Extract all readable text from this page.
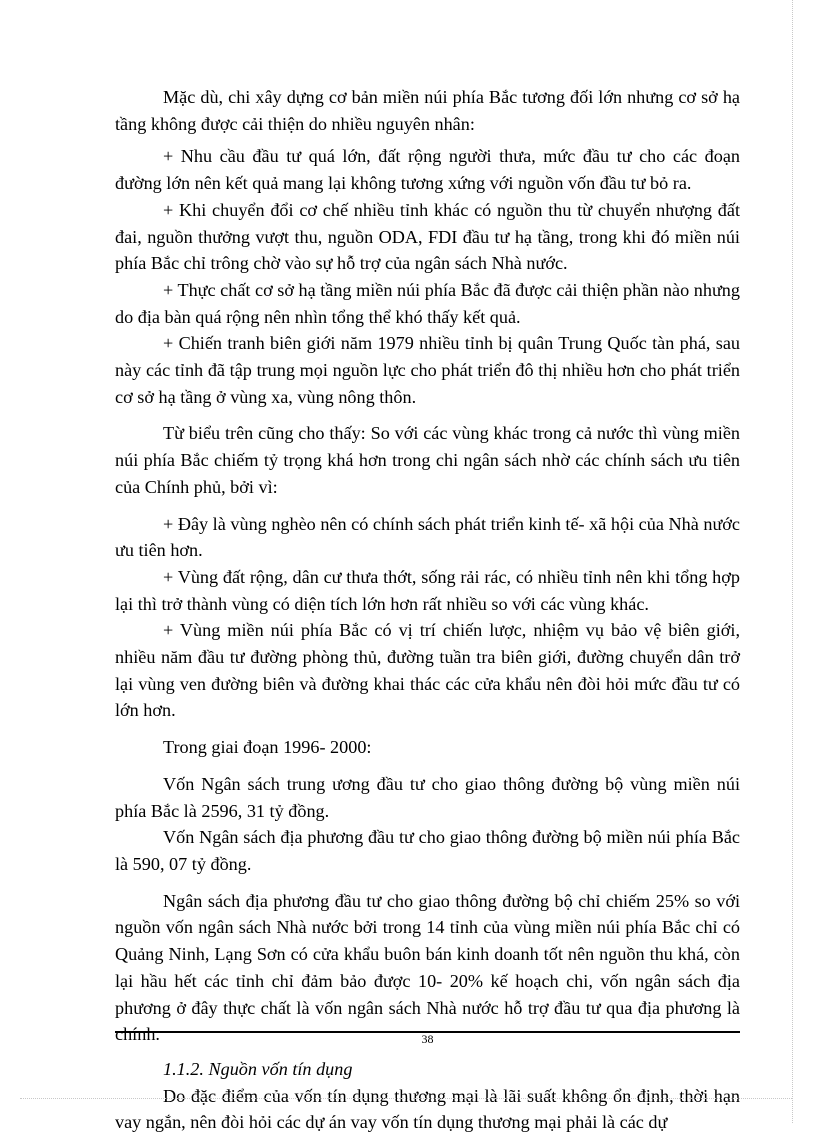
Mặc dù, chi xây dựng cơ bản miền núi phía Bắc tương đối lớn nhưng cơ sở hạ tầng không được cải thiện do nhiều nguyên nhân:

+ Nhu cầu đầu tư quá lớn, đất rộng người thưa, mức đầu tư cho các đoạn đường lớn nên kết quả mang lại không tương xứng với nguồn vốn đầu tư bỏ ra.

+ Khi chuyển đổi cơ chế nhiều tỉnh khác có nguồn thu từ chuyển nhượng đất đai, nguồn thưởng vượt thu, nguồn ODA, FDI đầu tư hạ tầng, trong khi đó miền núi phía Bắc chỉ trông chờ vào sự hỗ trợ của ngân sách Nhà nước.

+ Thực chất cơ sở hạ tầng miền núi phía Bắc đã được cải thiện phần nào nhưng do địa bàn quá rộng nên nhìn tổng thể khó thấy kết quả.

+ Chiến tranh biên giới năm 1979 nhiều tỉnh bị quân Trung Quốc tàn phá, sau này các tỉnh đã tập trung mọi nguồn lực cho phát triển đô thị nhiều hơn cho phát triển cơ sở hạ tầng ở vùng xa, vùng nông thôn.

Từ biểu trên cũng cho thấy: So với các vùng khác trong cả nước thì vùng miền núi phía Bắc chiếm tỷ trọng khá hơn trong chi ngân sách nhờ các chính sách ưu tiên của Chính phủ, bởi vì:

+ Đây là vùng nghèo nên có chính sách phát triển kinh tế- xã hội của Nhà nước ưu tiên hơn.

+ Vùng đất rộng, dân cư thưa thớt, sống rải rác, có nhiều tỉnh nên khi tổng hợp lại thì trở thành vùng có diện tích lớn hơn rất nhiều so với các vùng khác.

+ Vùng miền núi phía Bắc có vị trí chiến lược, nhiệm vụ bảo vệ biên giới, nhiều năm đầu tư đường phòng thủ, đường tuần tra biên giới, đường chuyển dân trở lại vùng ven đường biên và đường khai thác các cửa khẩu nên đòi hỏi mức đầu tư có lớn hơn.

Trong giai đoạn 1996- 2000:

Vốn Ngân sách trung ương đầu tư cho giao thông đường bộ vùng miền núi phía Bắc là 2596, 31 tỷ đồng.

Vốn Ngân sách địa phương đầu tư cho giao thông đường bộ miền núi phía Bắc là 590, 07 tỷ đồng.

Ngân sách địa phương đầu tư cho giao thông đường bộ chỉ chiếm 25% so với nguồn vốn ngân sách Nhà nước bởi trong 14 tỉnh của vùng miền núi phía Bắc chỉ có Quảng Ninh, Lạng Sơn có cửa khẩu buôn bán kinh doanh tốt nên nguồn thu khá, còn lại hầu hết các tỉnh chỉ đảm bảo được 10- 20% kế hoạch chi, vốn ngân sách địa phương ở đây thực chất là vốn ngân sách Nhà nước hỗ trợ đầu tư qua địa phương là chính.

1.1.2. Nguồn vốn tín dụng

Do đặc điểm của vốn tín dụng thương mại là lãi suất không ổn định, thời hạn vay ngắn, nên đòi hỏi các dự án vay vốn tín dụng thương mại phải là các dự

38
